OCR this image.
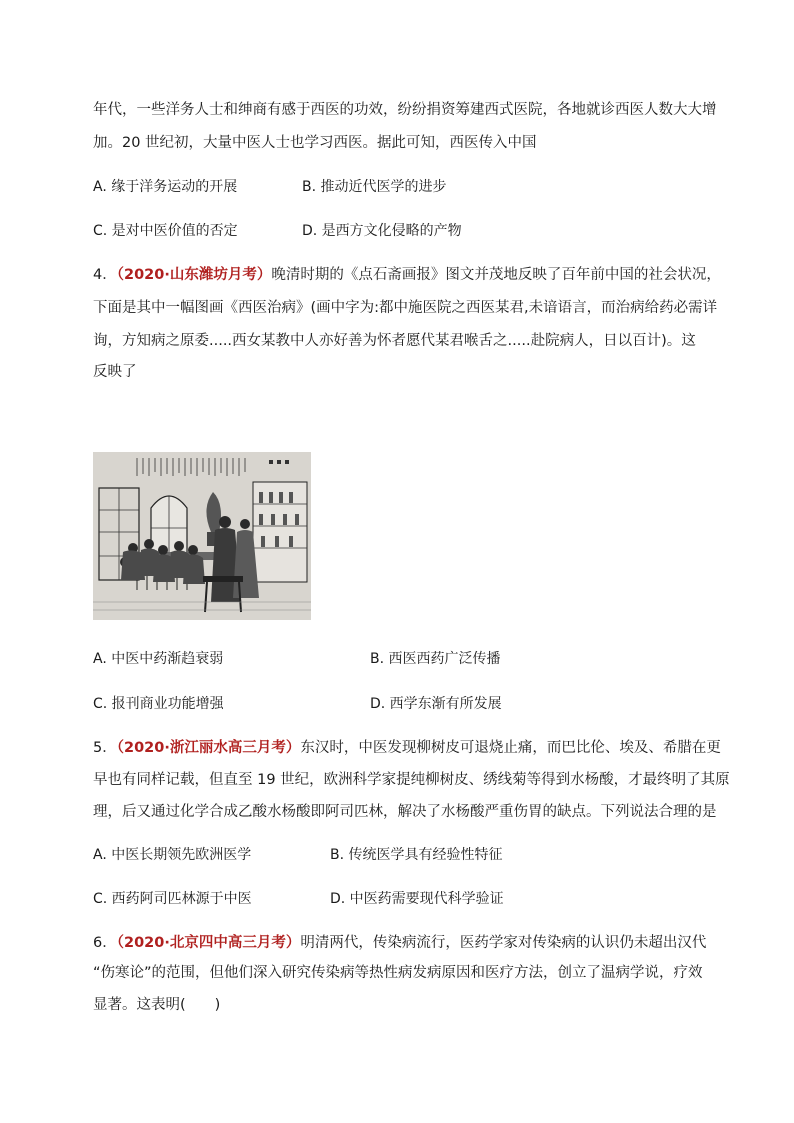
年代，一些洋务人士和绅商有感于西医的功效，纷纷捐资筹建西式医院，各地就诊西医人数大大增
加。20 世纪初，大量中医人士也学习西医。据此可知，西医传入中国
A. 缘于洋务运动的开展	B. 推动近代医学的进步
C. 是对中医价值的否定	D. 是西方文化侵略的产物
4．（2020·山东潍坊月考）晚清时期的《点石斋画报》图文并茂地反映了百年前中国的社会状况，
下面是其中一幅图画《西医治病》(画中字为:都中施医院之西医某君,未谙语言，而治病给药必需详
询，方知病之原委.....西女某教中人亦好善为怀者愿代某君喉舌之.....赴院病人，日以百计)。这
反映了
A. 中医中药渐趋衰弱	B. 西医西药广泛传播
C. 报刊商业功能增强	D. 西学东渐有所发展
5．（2020·浙江丽水高三月考）东汉时，中医发现柳树皮可退烧止痛，而巴比伦、埃及、希腊在更
早也有同样记载，但直至 19 世纪，欧洲科学家提纯柳树皮、绣线菊等得到水杨酸，才最终明了其原
理，后又通过化学合成乙酸水杨酸即阿司匹林，解决了水杨酸严重伤胃的缺点。下列说法合理的是
A. 中医长期领先欧洲医学	B. 传统医学具有经验性特征
C. 西药阿司匹林源于中医	D. 中医药需要现代科学验证
6．（2020·北京四中高三月考）明清两代，传染病流行，医药学家对传染病的认识仍未超出汉代
“伤寒论”的范围，但他们深入研究传染病等热性病发病原因和医疗方法，创立了温病学说，疗效
显著。这表明(　　)
